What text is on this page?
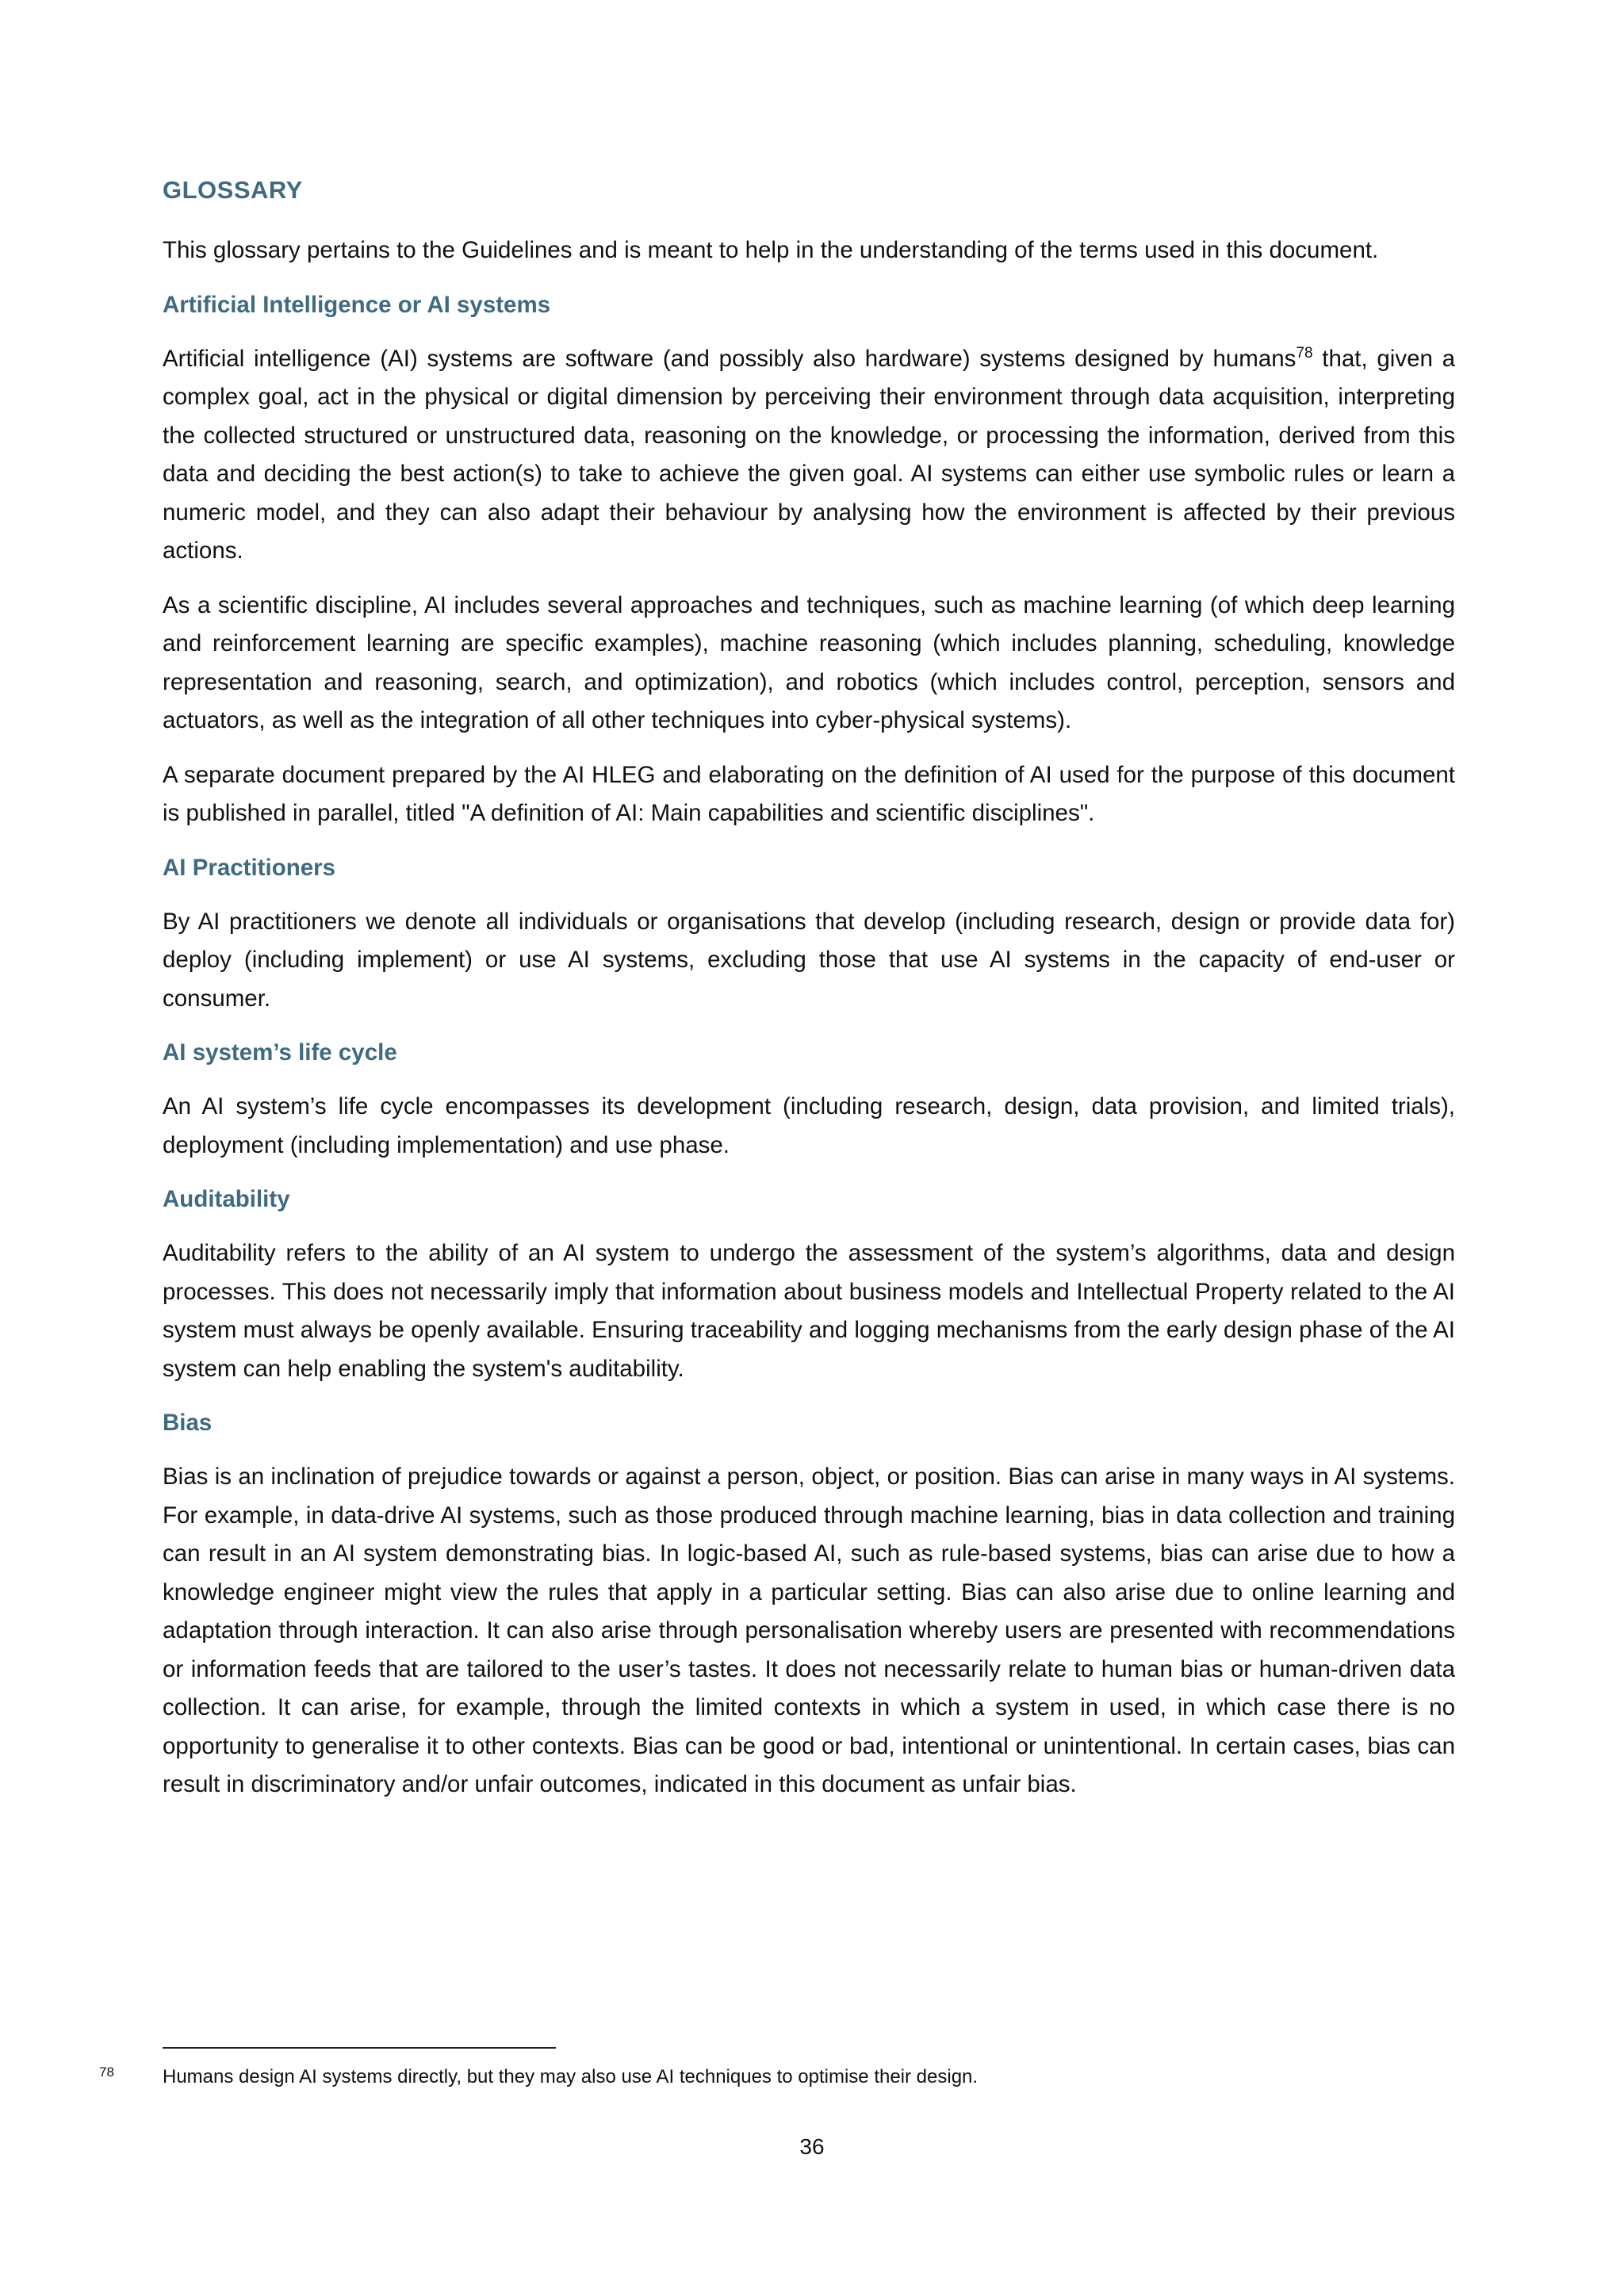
GLOSSARY

This glossary pertains to the Guidelines and is meant to help in the understanding of the terms used in this document.

Artificial Intelligence or AI systems

Artificial intelligence (AI) systems are software (and possibly also hardware) systems designed by humans$^{78}$ that, given a complex goal, act in the physical or digital dimension by perceiving their environment through data acquisition, interpreting the collected structured or unstructured data, reasoning on the knowledge, or processing the information, derived from this data and deciding the best action(s) to take to achieve the given goal. AI systems can either use symbolic rules or learn a numeric model, and they can also adapt their behaviour by analysing how the environment is affected by their previous actions.

As a scientific discipline, AI includes several approaches and techniques, such as machine learning (of which deep learning and reinforcement learning are specific examples), machine reasoning (which includes planning, scheduling, knowledge representation and reasoning, search, and optimization), and robotics (which includes control, perception, sensors and actuators, as well as the integration of all other techniques into cyber-physical systems).

A separate document prepared by the AI HLEG and elaborating on the definition of AI used for the purpose of this document is published in parallel, titled "A definition of AI: Main capabilities and scientific disciplines".

AI Practitioners

By AI practitioners we denote all individuals or organisations that develop (including research, design or provide data for) deploy (including implement) or use AI systems, excluding those that use AI systems in the capacity of end-user or consumer.

AI system’s life cycle

An AI system’s life cycle encompasses its development (including research, design, data provision, and limited trials), deployment (including implementation) and use phase.

Auditability

Auditability refers to the ability of an AI system to undergo the assessment of the system’s algorithms, data and design processes. This does not necessarily imply that information about business models and Intellectual Property related to the AI system must always be openly available. Ensuring traceability and logging mechanisms from the early design phase of the AI system can help enabling the system's auditability.

Bias

Bias is an inclination of prejudice towards or against a person, object, or position. Bias can arise in many ways in AI systems. For example, in data-drive AI systems, such as those produced through machine learning, bias in data collection and training can result in an AI system demonstrating bias. In logic-based AI, such as rule-based systems, bias can arise due to how a knowledge engineer might view the rules that apply in a particular setting. Bias can also arise due to online learning and adaptation through interaction. It can also arise through personalisation whereby users are presented with recommendations or information feeds that are tailored to the user’s tastes. It does not necessarily relate to human bias or human-driven data collection. It can arise, for example, through the limited contexts in which a system in used, in which case there is no opportunity to generalise it to other contexts. Bias can be good or bad, intentional or unintentional. In certain cases, bias can result in discriminatory and/or unfair outcomes, indicated in this document as unfair bias.

78	Humans design AI systems directly, but they may also use AI techniques to optimise their design.
36
